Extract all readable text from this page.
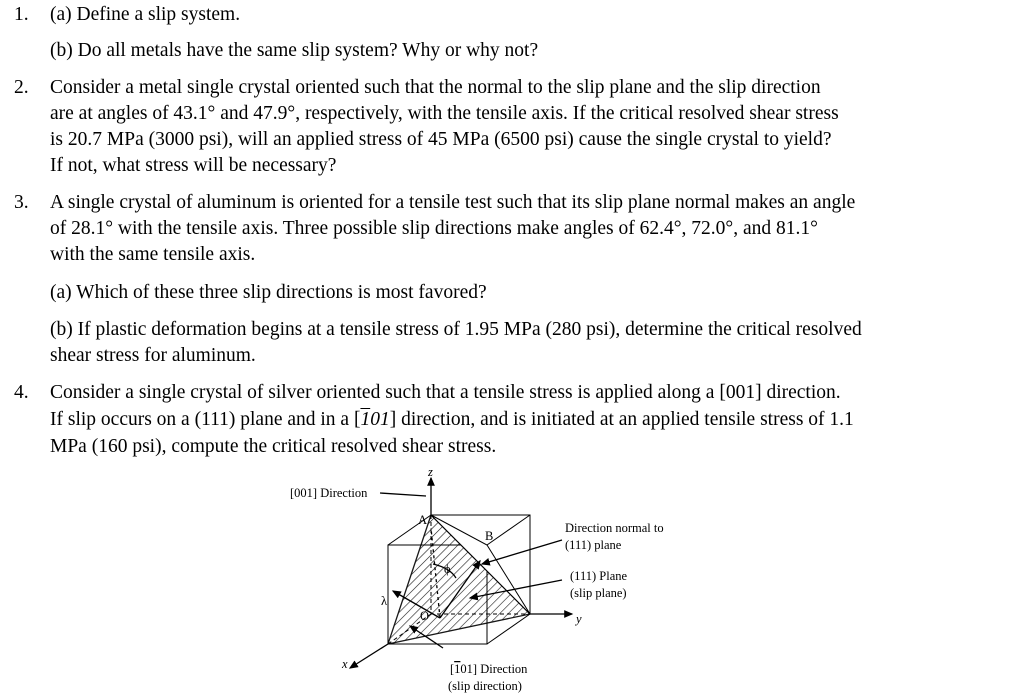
1. (a) Define a slip system.
(b) Do all metals have the same slip system? Why or why not?
2. Consider a metal single crystal oriented such that the normal to the slip plane and the slip direction
are at angles of 43.1° and 47.9°, respectively, with the tensile axis. If the critical resolved shear stress
is 20.7 MPa (3000 psi), will an applied stress of 45 MPa (6500 psi) cause the single crystal to yield?
If not, what stress will be necessary?
3. A single crystal of aluminum is oriented for a tensile test such that its slip plane normal makes an angle
of 28.1° with the tensile axis. Three possible slip directions make angles of 62.4°, 72.0°, and 81.1°
with the same tensile axis.
(a) Which of these three slip directions is most favored?
(b) If plastic deformation begins at a tensile stress of 1.95 MPa (280 psi), determine the critical resolved
shear stress for aluminum.
4. Consider a single crystal of silver oriented such that a tensile stress is applied along a [001] direction.
If slip occurs on a (111) plane and in a [101] direction, and is initiated at an applied tensile stress of 1.1
MPa (160 psi), compute the critical resolved shear stress.
z
y
x
[001] Direction
Direction normal to
(111) plane
(111) Plane
(slip plane)
[101] Direction
(slip direction)
A
B
O
λ
ϕ
